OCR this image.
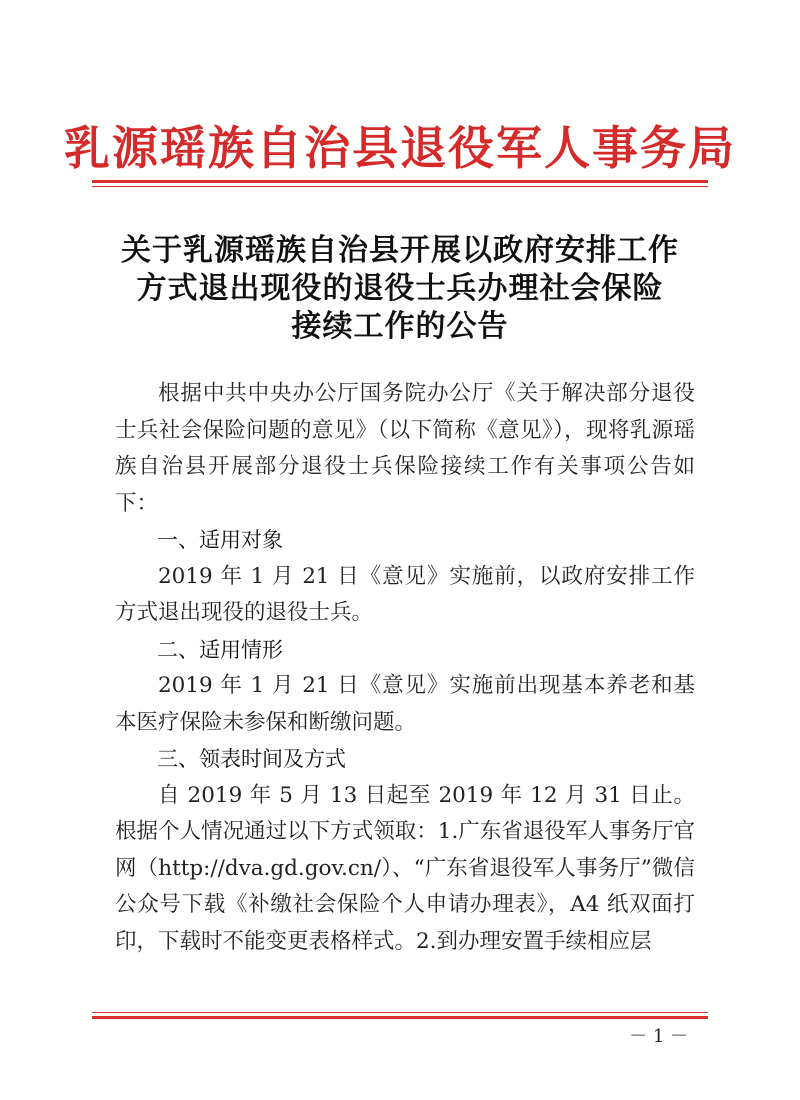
乳源瑶族自治县退役军人事务局
关于乳源瑶族自治县开展以政府安排工作
方式退出现役的退役士兵办理社会保险
接续工作的公告

根据中共中央办公厅国务院办公厅《关于解决部分退役士兵社会保险问题的意见》（以下简称《意见》），现将乳源瑶族自治县开展部分退役士兵保险接续工作有关事项公告如下：

一、适用对象

2019 年 1 月 21 日《意见》实施前，以政府安排工作方式退出现役的退役士兵。

二、适用情形

2019 年 1 月 21 日《意见》实施前出现基本养老和基本医疗保险未参保和断缴问题。

三、领表时间及方式

自 2019 年 5 月 13 日起至 2019 年 12 月 31 日止。根据个人情况通过以下方式领取：1.广东省退役军人事务厅官网（http://dva.gd.gov.cn/）、“广东省退役军人事务厅”微信公众号下载《补缴社会保险个人申请办理表》，A4 纸双面打印，下载时不能变更表格样式。2.到办理安置手续相应层

－ 1 －
